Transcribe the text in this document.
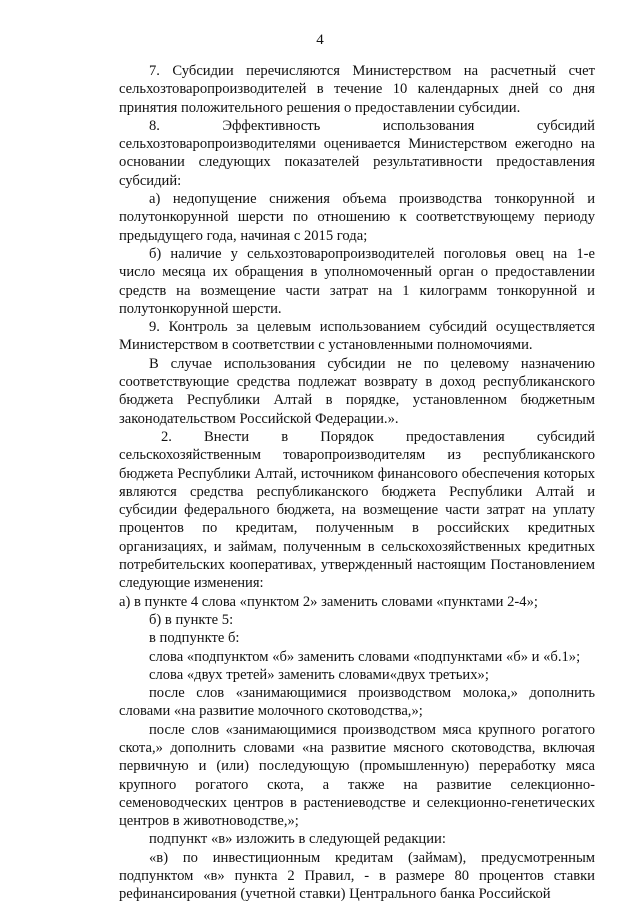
4

7. Субсидии перечисляются Министерством на расчетный счет сельхозтоваропроизводителей в течение 10 календарных дней со дня принятия положительного решения о предоставлении субсидии.

8. Эффективность использования субсидий сельхозтоваропроизводителями оценивается Министерством ежегодно на основании следующих показателей результативности предоставления субсидий:

а) недопущение снижения объема производства тонкорунной и полутонкорунной шерсти по отношению к соответствующему периоду предыдущего года, начиная с 2015 года;

б) наличие у сельхозтоваропроизводителей поголовья овец на 1-е число месяца их обращения в уполномоченный орган о предоставлении средств на возмещение части затрат на 1 килограмм тонкорунной и полутонкорунной шерсти.

9. Контроль за целевым использованием субсидий осуществляется Министерством в соответствии с установленными полномочиями.

В случае использования субсидии не по целевому назначению соответствующие средства подлежат возврату в доход республиканского бюджета Республики Алтай в порядке, установленном бюджетным законодательством Российской Федерации.».

2. Внести в Порядок предоставления субсидий сельскохозяйственным товаропроизводителям из республиканского бюджета Республики Алтай, источником финансового обеспечения которых являются средства республиканского бюджета Республики Алтай и субсидии федерального бюджета, на возмещение части затрат на уплату процентов по кредитам, полученным в российских кредитных организациях, и займам, полученным в сельскохозяйственных кредитных потребительских кооперативах, утвержденный настоящим Постановлением следующие изменения:

а) в пункте 4 слова «пунктом 2» заменить словами «пунктами 2-4»;

б) в пункте 5:

в подпункте б:

слова «подпунктом «б» заменить словами «подпунктами «б» и «б.1»;

слова «двух третей» заменить словами«двух третьих»;

после слов «занимающимися производством молока,» дополнить словами «на развитие молочного скотоводства,»;

после слов «занимающимися производством мяса крупного рогатого скота,» дополнить словами «на развитие мясного скотоводства, включая первичную и (или) последующую (промышленную) переработку мяса крупного рогатого скота, а также на развитие селекционно-семеноводческих центров в растениеводстве и селекционно-генетических центров в животноводстве,»;

подпункт «в» изложить в следующей редакции:

«в) по инвестиционным кредитам (займам), предусмотренным подпунктом «в» пункта 2 Правил, - в размере 80 процентов ставки рефинансирования (учетной ставки) Центрального банка Российской
